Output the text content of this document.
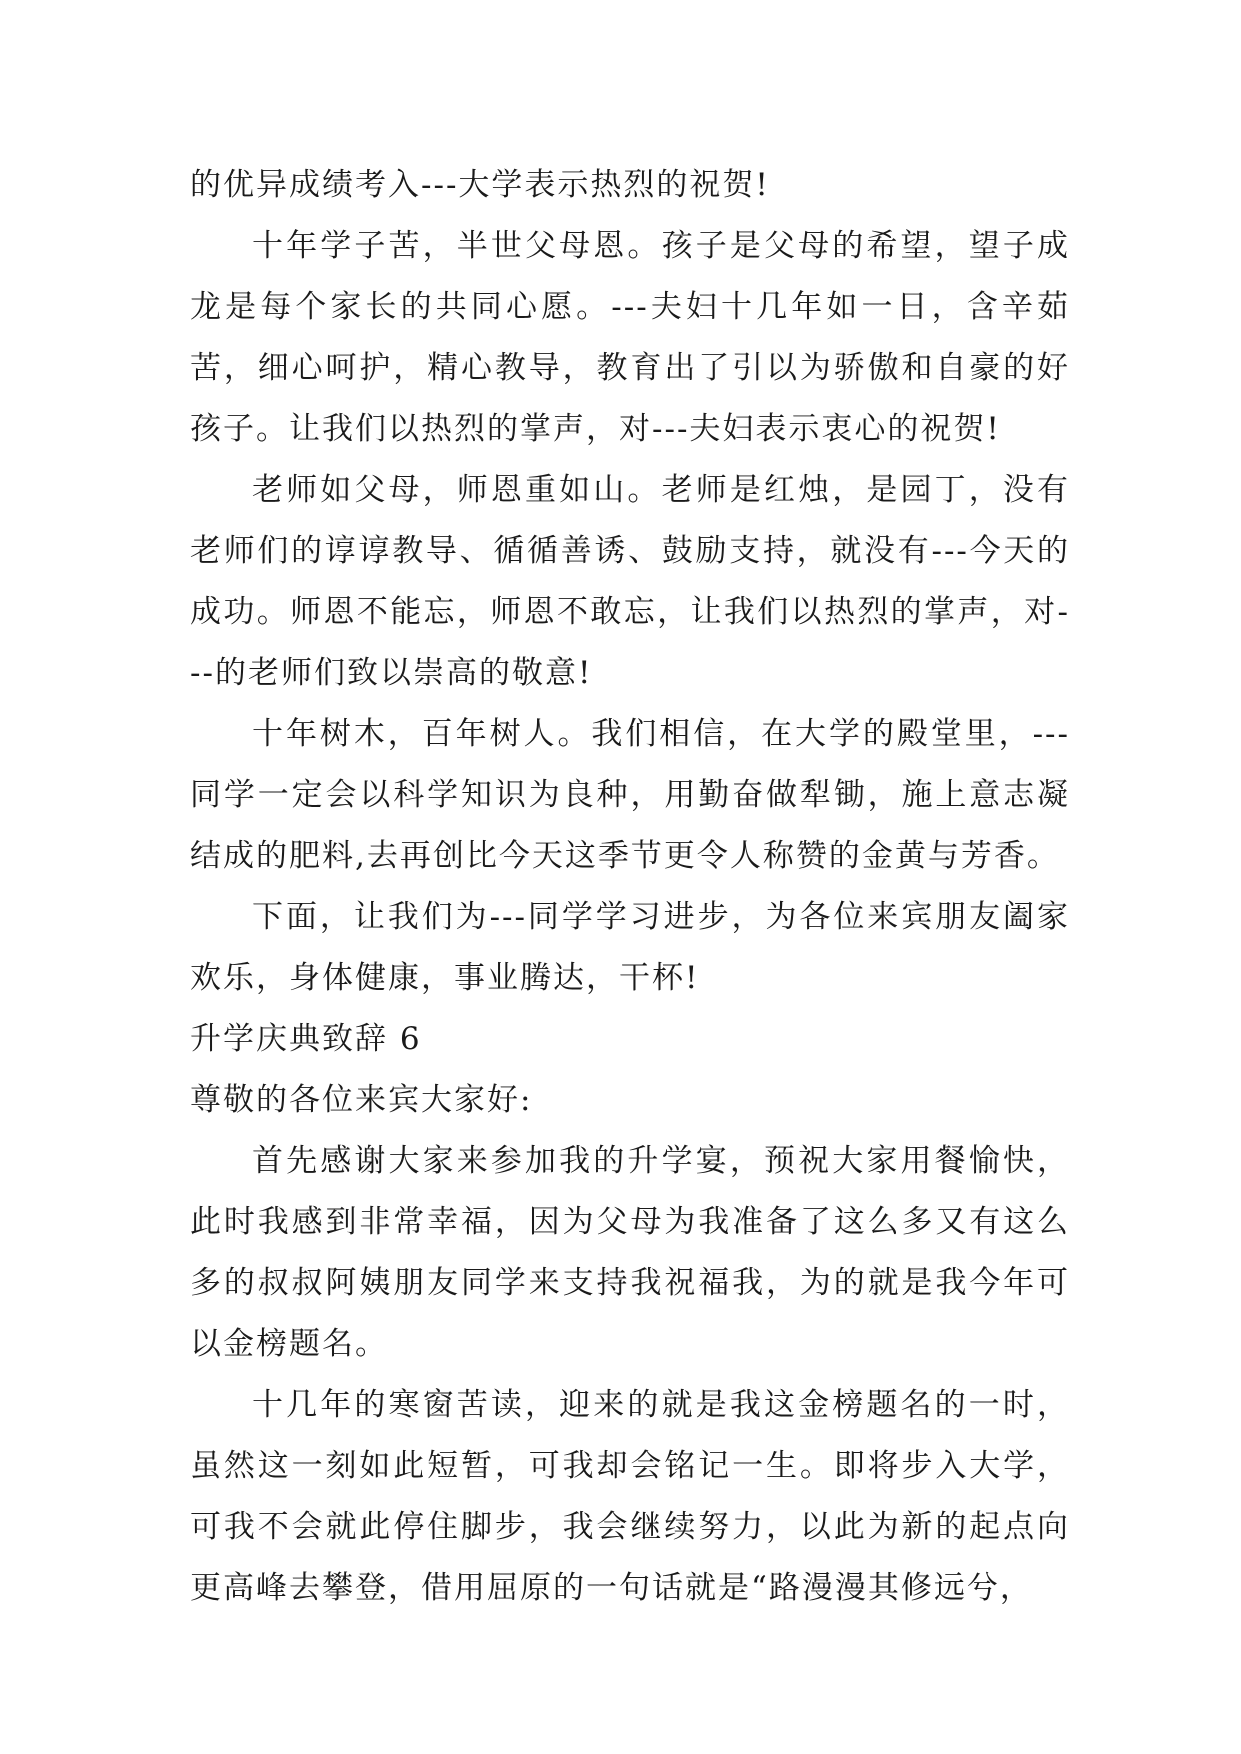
的优异成绩考入---大学表示热烈的祝贺!

十年学子苦，半世父母恩。孩子是父母的希望，望子成龙是每个家长的共同心愿。---夫妇十几年如一日，含辛茹苦，细心呵护，精心教导，教育出了引以为骄傲和自豪的好孩子。让我们以热烈的掌声，对---夫妇表示衷心的祝贺!

老师如父母，师恩重如山。老师是红烛，是园丁，没有老师们的谆谆教导、循循善诱、鼓励支持，就没有---今天的成功。师恩不能忘，师恩不敢忘，让我们以热烈的掌声，对---的老师们致以崇高的敬意!

十年树木，百年树人。我们相信，在大学的殿堂里，---同学一定会以科学知识为良种，用勤奋做犁锄，施上意志凝结成的肥料,去再创比今天这季节更令人称赞的金黄与芳香。

下面，让我们为---同学学习进步，为各位来宾朋友阖家欢乐，身体健康，事业腾达，干杯!

升学庆典致辞 6

尊敬的各位来宾大家好:

首先感谢大家来参加我的升学宴，预祝大家用餐愉快，此时我感到非常幸福，因为父母为我准备了这么多又有这么多的叔叔阿姨朋友同学来支持我祝福我，为的就是我今年可以金榜题名。

十几年的寒窗苦读，迎来的就是我这金榜题名的一时，虽然这一刻如此短暂，可我却会铭记一生。即将步入大学，可我不会就此停住脚步，我会继续努力，以此为新的起点向更高峰去攀登，借用屈原的一句话就是“路漫漫其修远兮，
